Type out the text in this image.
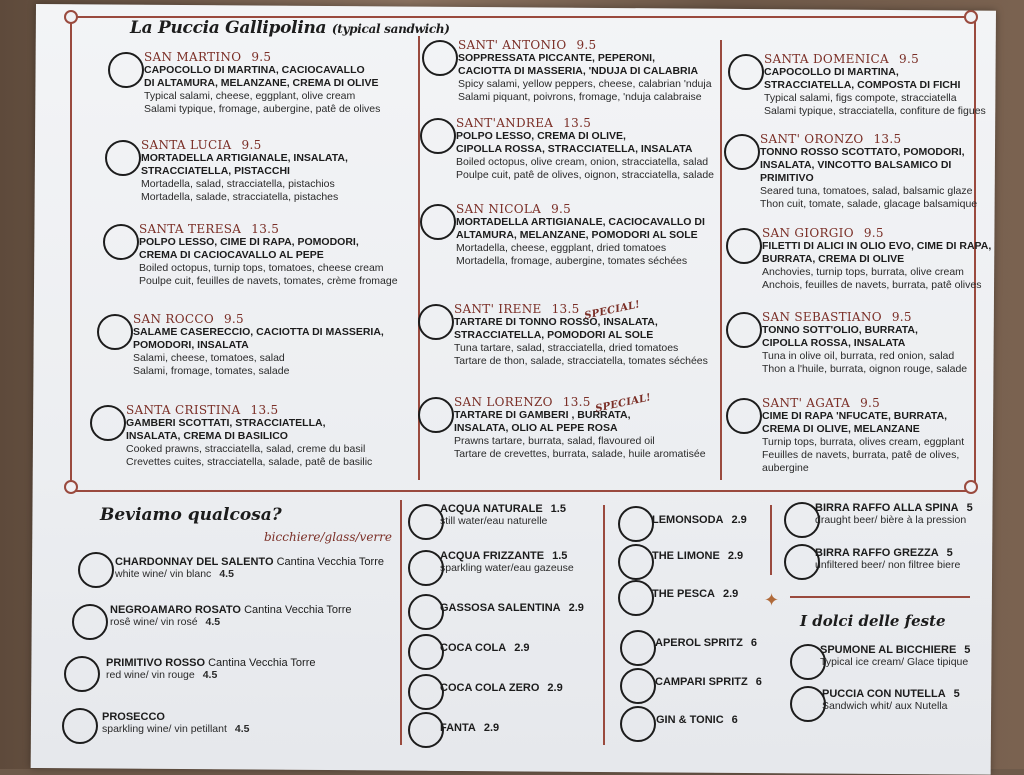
La Puccia Gallipolina (typical sandwich)
SAN MARTINO 9.5
CAPOCOLLO DI MARTINA, CACIOCAVALLO
DI ALTAMURA, MELANZANE, CREMA DI OLIVE
Typical salami, cheese, eggplant, olive cream
Salami typique, fromage, aubergine, patê de olives
SANTA LUCIA 9.5
MORTADELLA ARTIGIANALE, INSALATA,
STRACCIATELLA, PISTACCHI
Mortadella, salad, stracciatella, pistachios
Mortadella, salade, stracciatella, pistaches
SANTA TERESA 13.5
POLPO LESSO, CIME DI RAPA, POMODORI,
CREMA DI CACIOCAVALLO AL PEPE
Boiled octopus, turnip tops, tomatoes, cheese cream
Poulpe cuit, feuilles de navets, tomates, crème fromage
SAN ROCCO 9.5
SALAME CASERECCIO, CACIOTTA DI MASSERIA,
POMODORI, INSALATA
Salami, cheese, tomatoes, salad
Salami, fromage, tomates, salade
SANTA CRISTINA 13.5
GAMBERI SCOTTATI, STRACCIATELLA,
INSALATA, CREMA DI BASILICO
Cooked prawns, stracciatella, salad, creme du basil
Crevettes cuites, stracciatella, salade, patê de basilic
SANT' ANTONIO 9.5
SOPPRESSATA PICCANTE, PEPERONI,
CACIOTTA DI MASSERIA, 'NDUJA DI CALABRIA
Spicy salami, yellow peppers, cheese, calabrian 'nduja
Salami piquant, poivrons, fromage, 'nduja calabraise
SANT'ANDREA 13.5
POLPO LESSO, CREMA DI OLIVE,
CIPOLLA ROSSA, STRACCIATELLA, INSALATA
Boiled octopus, olive cream, onion, stracciatella, salad
Poulpe cuit, patê de olives, oignon, stracciatella, salade
SAN NICOLA 9.5
MORTADELLA ARTIGIANALE, CACIOCAVALLO DI
ALTAMURA, MELANZANE, POMODORI AL SOLE
Mortadella, cheese, eggplant, dried tomatoes
Mortadella, fromage, aubergine, tomates séchées
SANT' IRENE 13.5 SPECIAL!
TARTARE DI TONNO ROSSO, INSALATA,
STRACCIATELLA, POMODORI AL SOLE
Tuna tartare, salad, stracciatella, dried tomatoes
Tartare de thon, salade, stracciatella, tomates séchées
SAN LORENZO 13.5 SPECIAL!
TARTARE DI GAMBERI , BURRATA,
INSALATA, OLIO AL PEPE ROSA
Prawns tartare, burrata, salad, flavoured oil
Tartare de crevettes, burrata, salade, huile aromatisée
SANTA DOMENICA 9.5
CAPOCOLLO DI MARTINA,
STRACCIATELLA, COMPOSTA DI FICHI
Typical salami, figs compote, stracciatella
Salami typique, stracciatella, confiture de figues
SANT' ORONZO 13.5
TONNO ROSSO SCOTTATO, POMODORI,
INSALATA, VINCOTTO BALSAMICO DI
PRIMITIVO
Seared tuna, tomatoes, salad, balsamic glaze
Thon cuit, tomate, salade, glacage balsamique
SAN GIORGIO 9.5
FILETTI DI ALICI IN OLIO EVO, CIME DI RAPA,
BURRATA, CREMA DI OLIVE
Anchovies, turnip tops, burrata, olive cream
Anchois, feuilles de navets, burrata, patê olives
SAN SEBASTIANO 9.5
TONNO SOTT'OLIO, BURRATA,
CIPOLLA ROSSA, INSALATA
Tuna in olive oil, burrata, red onion, salad
Thon a l'huile, burrata, oignon rouge, salade
SANT' AGATA 9.5
CIME DI RAPA 'NFUCATE, BURRATA,
CREMA DI OLIVE, MELANZANE
Turnip tops, burrata, olives cream, eggplant
Feuilles de navets, burrata, patê de olives,
aubergine
Beviamo qualcosa?
bicchiere/glass/verre
✦
I dolci delle feste
CHARDONNAY DEL SALENTO Cantina Vecchia Torre
white wine/ vin blanc 4.5
NEGROAMARO ROSATO Cantina Vecchia Torre
rosê wine/ vin rosé 4.5
PRIMITIVO ROSSO Cantina Vecchia Torre
red wine/ vin rouge 4.5
PROSECCO
sparkling wine/ vin petillant 4.5
ACQUA NATURALE 1.5
still water/eau naturelle
ACQUA FRIZZANTE 1.5
sparkling water/eau gazeuse
GASSOSA SALENTINA 2.9
COCA COLA 2.9
COCA COLA ZERO 2.9
FANTA 2.9
LEMONSODA 2.9
THE LIMONE 2.9
THE PESCA 2.9
APEROL SPRITZ 6
CAMPARI SPRITZ 6
GIN & TONIC 6
BIRRA RAFFO ALLA SPINA 5
draught beer/ bière à la pression
BIRRA RAFFO GREZZA 5
unfiltered beer/ non filtree biere
SPUMONE AL BICCHIERE 5
Typical ice cream/ Glace tipique
PUCCIA CON NUTELLA 5
Sandwich whit/ aux Nutella
